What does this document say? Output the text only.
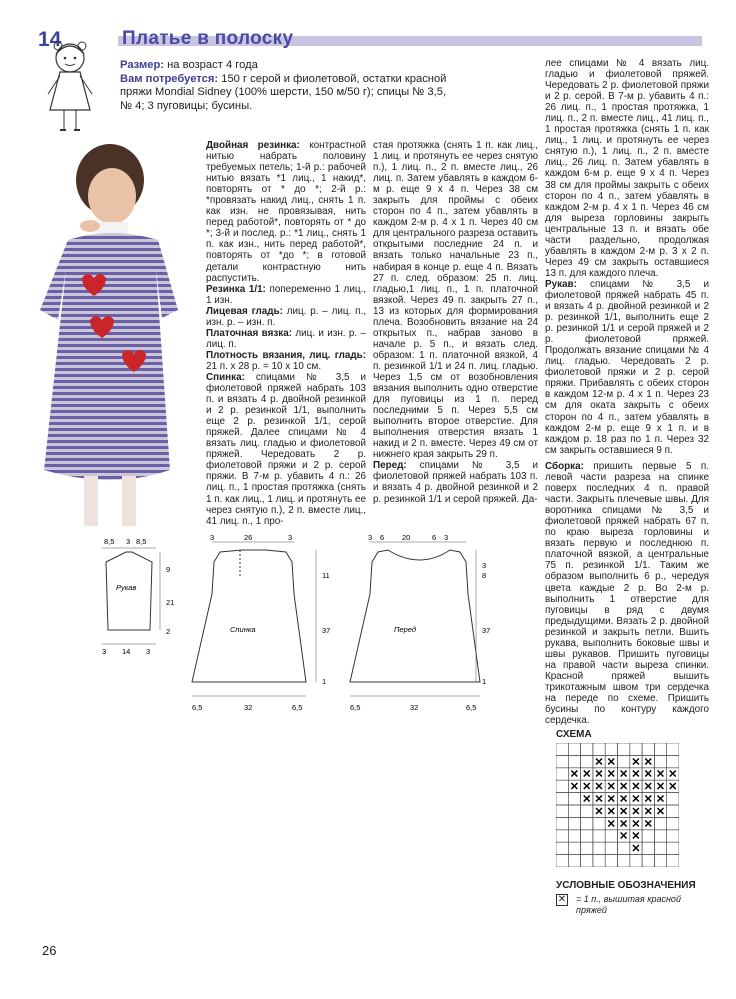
14	Платье в полоску
Размер: на возраст 4 года
Вам потребуется: 150 г серой и фиолетовой, остатки красной пряжи Mondial Sidney (100% шерсти, 150 м/50 г); спицы № 3,5, № 4; 3 пуговицы; бусины.

Двойная резинка: контрастной нитью набрать половину требуемых петель; 1-й р.: рабочей нитью вязать *1 лиц., 1 накид*, повторять от * до *; 2-й р.: *провязать накид лиц., снять 1 п. как изн. не провязывая, нить перед работой*, повторять от * до *; 3-й и послед. р.: *1 лиц., снять 1 п. как изн., нить перед работой*, повторять от *до *; в готовой детали контрастную нить распустить.

Резинка 1/1: попеременно 1 лиц., 1 изн.

Лицевая гладь: лиц. р. – лиц. п., изн. р. – изн. п.

Платочная вязка: лиц. и изн. р. – лиц. п.

Плотность вязания, лиц. гладь: 21 п. х 28 р. = 10 х 10 см.

Спинка: спицами № 3,5 и фиолетовой пряжей набрать 103 п. и вязать 4 р. двойной резинкой и 2 р. резинкой 1/1, выполнить еще 2 р. резинкой 1/1, серой пряжей. Далее спицами № 4 вязать лиц. гладью и фиолетовой пряжей. Чередовать 2 р. фиолетовой пряжи и 2 р. серой пряжи. В 7-м р. убавить 4 п.: 26 лиц. п., 1 простая протяжка (снять 1 п. как лиц., 1 лиц. и протянуть ее через снятую п.), 2 п. вместе лиц., 41 лиц. п., 1 про-

стая протяжка (снять 1 п. как лиц., 1 лиц. и протянуть ее через снятую п.), 1 лиц. п., 2 п. вместе лиц., 26 лиц. п. Затем убавлять в каждом 6-м р. еще 9 х 4 п. Через 38 см закрыть для проймы с обеих сторон по 4 п., затем убавлять в каждом 2-м р. 4 х 1 п. Через 40 см для центрального разреза оставить открытыми последние 24 п. и вязать только начальные 23 п., набирая в конце р. еще 4 п. Вязать 27 п. след. образом: 25 п. лиц. гладью,1 лиц. п., 1 п. платочной вязкой. Через 49 п. закрыть 27 п., 13 из которых для формирования плеча. Возобновить вязание на 24 открытых п., набрав заново в начале р. 5 п., и вязать след. образом: 1 п. платочной вязкой, 4 п. резинкой 1/1 и 24 п. лиц. гладью. Через 1,5 см от возобновления вязания выполнить одно отверстие для пуговицы из 1 п. перед последними 5 п. Через 5,5 см выполнить второе отверстие. Для выполнения отверстия вязать 1 накид и 2 п. вместе. Через 49 см от нижнего края закрыть 29 п.

Перед: спицами № 3,5 и фиолетовой пряжей набрать 103 п. и вязать 4 р. двойной резинкой и 2 р. резинкой 1/1 и серой пряжей. Да-

лее спицами № 4 вязать лиц. гладью и фиолетовой пряжей. Чередовать 2 р. фиолетовой пряжи и 2 р. серой. В 7-м р. убавить 4 п.: 26 лиц. п., 1 простая протяжка, 1 лиц. п., 2 п. вместе лиц., 41 лиц. п., 1 простая протяжка (снять 1 п. как лиц., 1 лиц. и протянуть ее через снятую п.), 1 лиц. п., 2 п. вместе лиц., 26 лиц. п. Затем убавлять в каждом 6-м р. еще 9 х 4 п. Через 38 см для проймы закрыть с обеих сторон по 4 п., затем убавлять в каждом 2-м р. 4 х 1 п. Через 46 см для выреза горловины закрыть центральные 13 п. и вязать обе части раздельно, продолжая убавлять в каждом 2-м р. 3 х 2 п. Через 49 см закрыть оставшиеся 13 п. для каждого плеча.

Рукав: спицами № 3,5 и фиолетовой пряжей набрать 45 п. и вязать 4 р. двойной резинкой и 2 р. резинкой 1/1, выполнить еще 2 р. резинкой 1/1 и серой пряжей и 2 р. фиолетовой пряжей. Продолжать вязание спицами № 4 лиц. гладью. Чередовать 2 р. фиолетовой пряжи и 2 р. серой пряжи. Прибавлять с обеих сторон в каждом 12-м р. 4 х 1 п. Через 23 см для оката закрыть с обеих сторон по 4 п., затем убавлять в каждом 2-м р. еще 9 х 1 п. и в каждом р. 18 раз по 1 п. Через 32 см закрыть оставшиеся 9 п.

Сборка: пришить первые 5 п. левой части разреза на спинке поверх последних 4 п. правой части. Закрыть плечевые швы. Для воротника спицами № 3,5 и фиолетовой пряжей набрать 67 п. по краю выреза горловины и вязать первую и последнюю п. платочной вязкой, а центральные 75 п. резинкой 1/1. Таким же образом выполнить 6 р., чередуя цвета каждые 2 р. Во 2-м р. выполнить 1 отверстие для пуговицы в ряд с двумя предыдущими. Вязать 2 р. двойной резинкой и закрыть петли. Вшить рукава, выполнить боковые швы и швы рукавов. Пришить пуговицы на правой части выреза спинки. Красной пряжей вышить трикотажным швом три сердечка на переде по схеме. Пришить бусины по контуру каждого сердечка.

Рукав
8,5 3 8,5
9
21
2
3 14 3
3	26	3
Спинка
11
37
1
6,5	32	6,5
3 6 20	6 3
Перед
3
8
37
1
6,5	32	6,5
СХЕМА
✕ ✕ ✕ ✕
✕ ✕ ✕ ✕ ✕ ✕ ✕ ✕ ✕
✕ ✕ ✕ ✕ ✕ ✕ ✕ ✕ ✕
✕ ✕ ✕ ✕ ✕ ✕ ✕
✕ ✕ ✕ ✕ ✕ ✕
✕ ✕ ✕ ✕
✕ ✕
✕
УСЛОВНЫЕ ОБОЗНАЧЕНИЯ
✕ = 1 п., вышитая красной пряжей
26
